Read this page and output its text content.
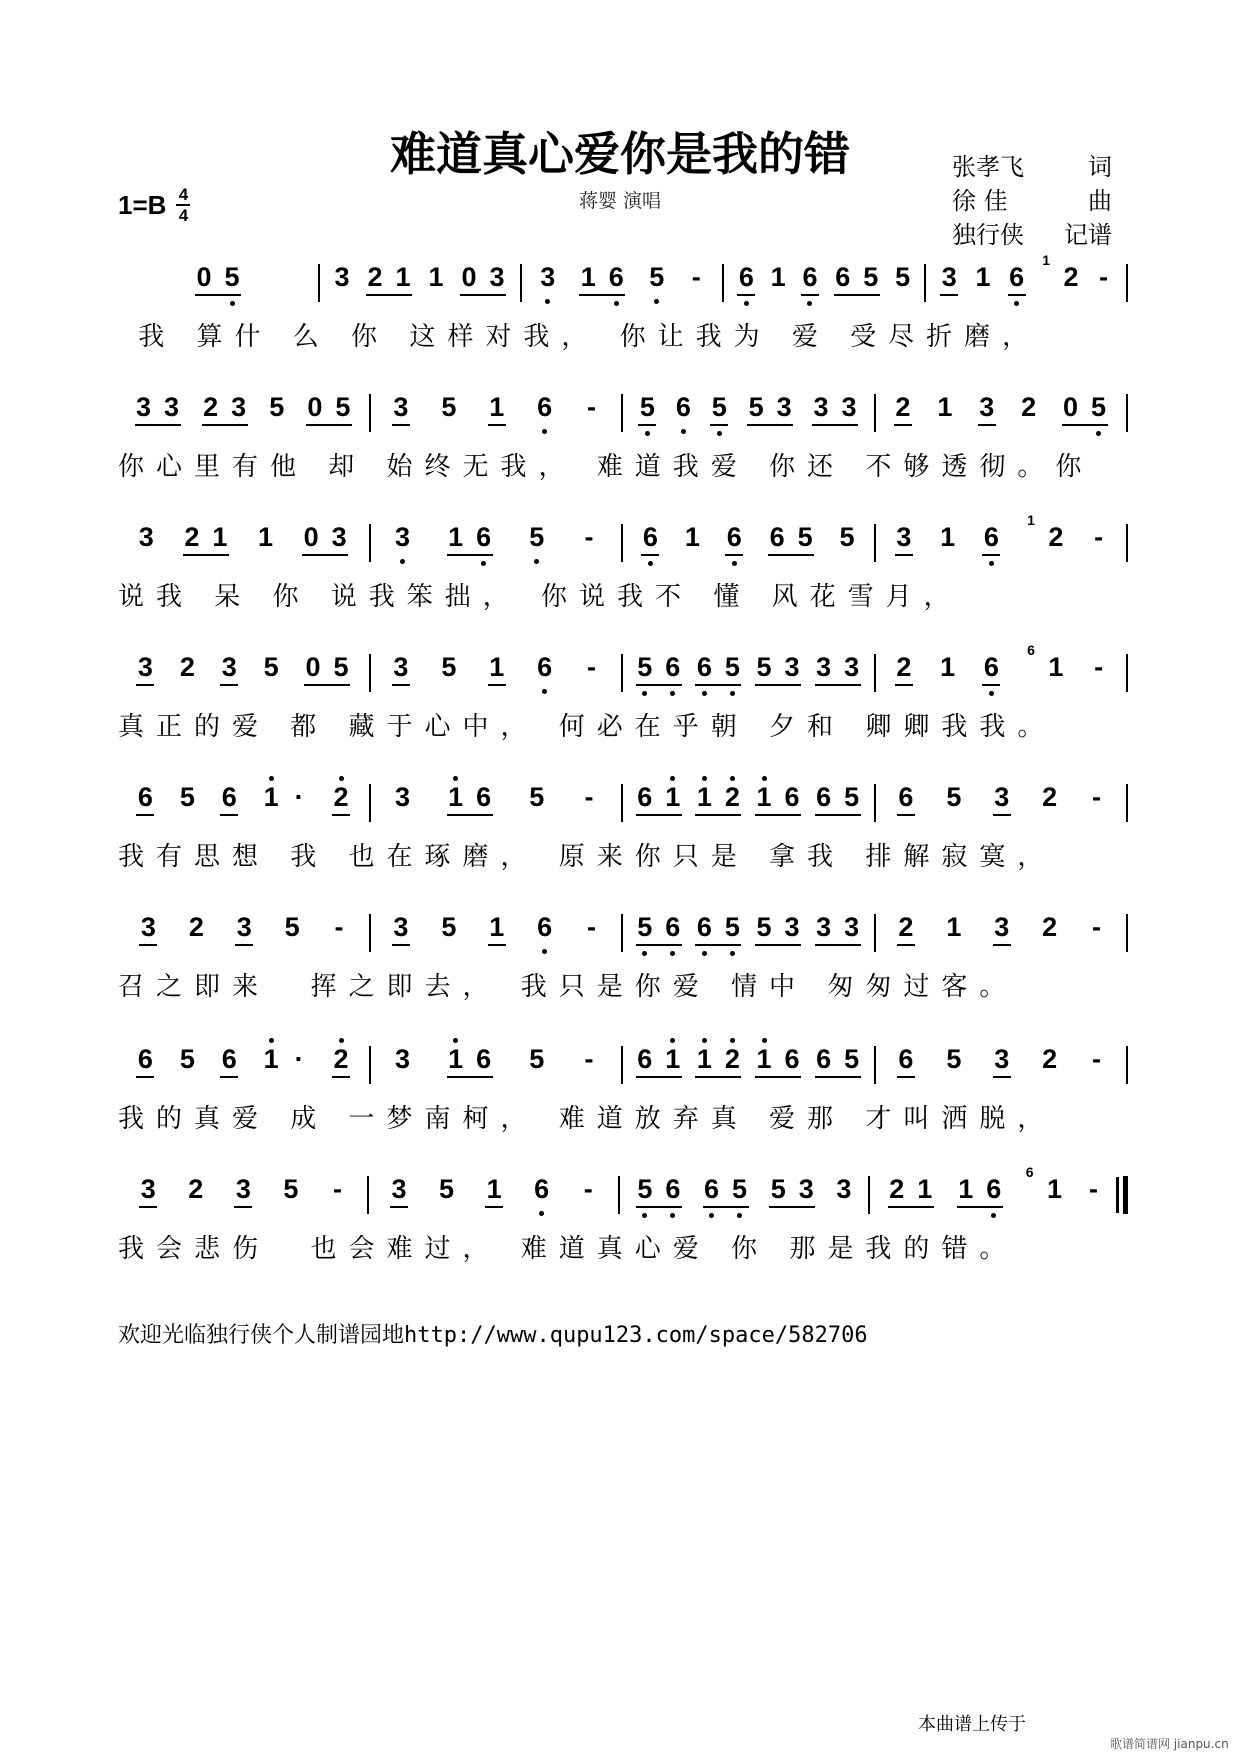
难道真心爱你是我的错
蒋婴 演唱
1=B 4
4
张孝飞	词
徐 佳	曲
独行侠 记谱
0 5	3 2 1 1 0 3 3 1 6 5 - 6 1 6 6 5 5 3 1 6
1
2 -
我 算什 么 你 这样对我， 你让我为 爱 受尽折磨，
3 3 2 3 5 0 5 3 5 1 6 - 5 6 5 5 3 3 3 2 1 3 2 0 5
你心里有他 却 始终无我， 难道我爱 你还 不够透彻。你
3 2 1 1 0 3 3 1 6 5 - 6 1 6 6 5 5 3 1 6
1
2 -
说我 呆 你 说我笨拙， 你说我不 懂 风花雪月，
3 2 3 5 0 5 3 5 1 6 - 5 6 6 5 5 3 3 3 2 1 6
6
1 -
真正的爱 都 藏于心中， 何必在乎朝 夕和 卿卿我我。
6 5 6 1 · 2 3 1 6 5 - 6 1 1 2 1 6 6 5 6 5 3 2 -
我有思想 我 也在琢磨， 原来你只是 拿我 排解寂寞，
3 2 3 5 - 3 5 1 6 - 5 6 6 5 5 3 3 3 2 1 3 2 -
召之即来  挥之即去， 我只是你爱 情中 匆匆过客。
6 5 6 1 · 2 3 1 6 5 - 6 1 1 2 1 6 6 5 6 5 3 2 -
我的真爱 成 一梦南柯， 难道放弃真 爱那 才叫洒脱，
3 2 3 5 - 3 5 1 6 - 5 6 6 5 5 3 3 2 1 1 6
6
1 -
我会悲伤  也会难过， 难道真心爱 你 那是我的错。
欢迎光临独行侠个人制谱园地http://www.qupu123.com/space/582706
本曲谱上传于
歌谱简谱网 jianpu.cn
